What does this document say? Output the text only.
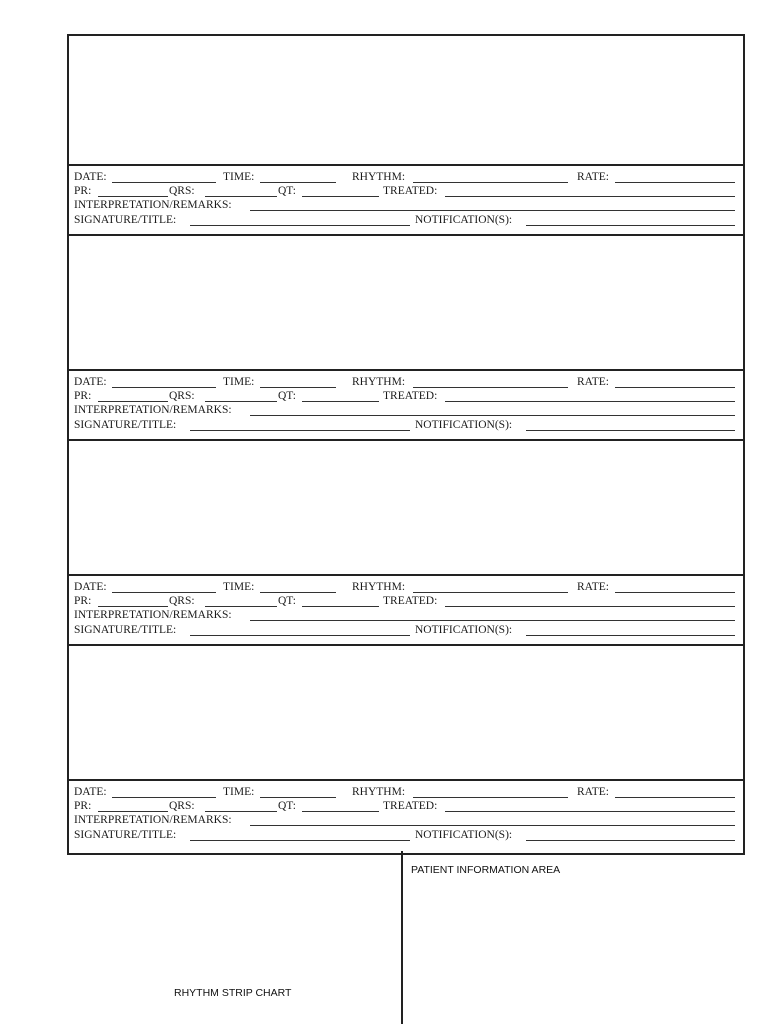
DATE:	TIME:	RHYTHM:	RATE:
PR:	QRS:	QT:	TREATED:
INTERPRETATION/REMARKS:
SIGNATURE/TITLE:	NOTIFICATION(S):
DATE:	TIME:	RHYTHM:	RATE:
PR:	QRS:	QT:	TREATED:
INTERPRETATION/REMARKS:
SIGNATURE/TITLE:	NOTIFICATION(S):
DATE:	TIME:	RHYTHM:	RATE:
PR:	QRS:	QT:	TREATED:
INTERPRETATION/REMARKS:
SIGNATURE/TITLE:	NOTIFICATION(S):
DATE:	TIME:	RHYTHM:	RATE:
PR:	QRS:	QT:	TREATED:
INTERPRETATION/REMARKS:
SIGNATURE/TITLE:	NOTIFICATION(S):
PATIENT INFORMATION AREA
RHYTHM STRIP CHART
